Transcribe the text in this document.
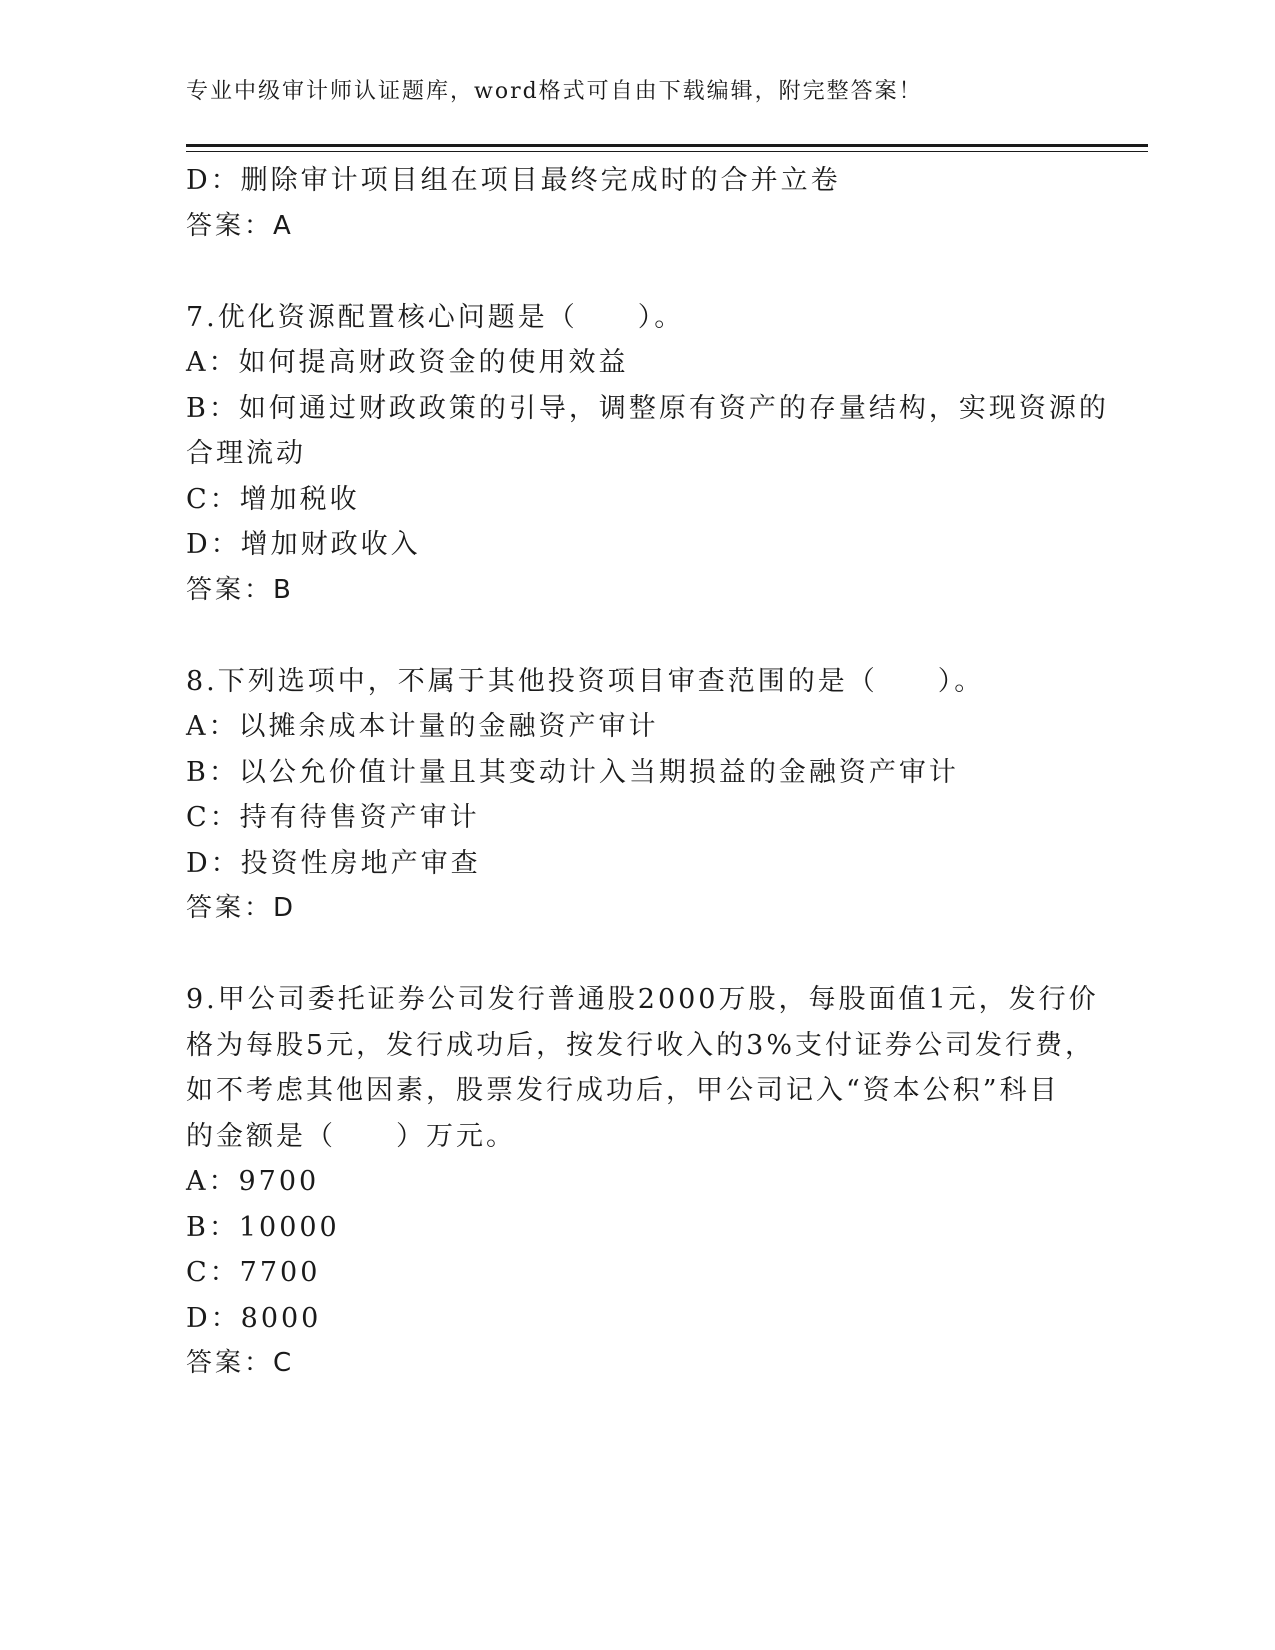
专业中级审计师认证题库，word格式可自由下载编辑，附完整答案！
D：删除审计项目组在项目最终完成时的合并立卷
答案：A
7.优化资源配置核心问题是（　　）。
A：如何提高财政资金的使用效益
B：如何通过财政政策的引导，调整原有资产的存量结构，实现资源的
合理流动
C：增加税收
D：增加财政收入
答案：B
8.下列选项中，不属于其他投资项目审查范围的是（　　）。
A：以摊余成本计量的金融资产审计
B：以公允价值计量且其变动计入当期损益的金融资产审计
C：持有待售资产审计
D：投资性房地产审查
答案：D
9.甲公司委托证券公司发行普通股2000万股，每股面值1元，发行价
格为每股5元，发行成功后，按发行收入的3%支付证券公司发行费，
如不考虑其他因素，股票发行成功后，甲公司记入“资本公积”科目
的金额是（　　）万元。
A：9700
B：10000
C：7700
D：8000
答案：C
